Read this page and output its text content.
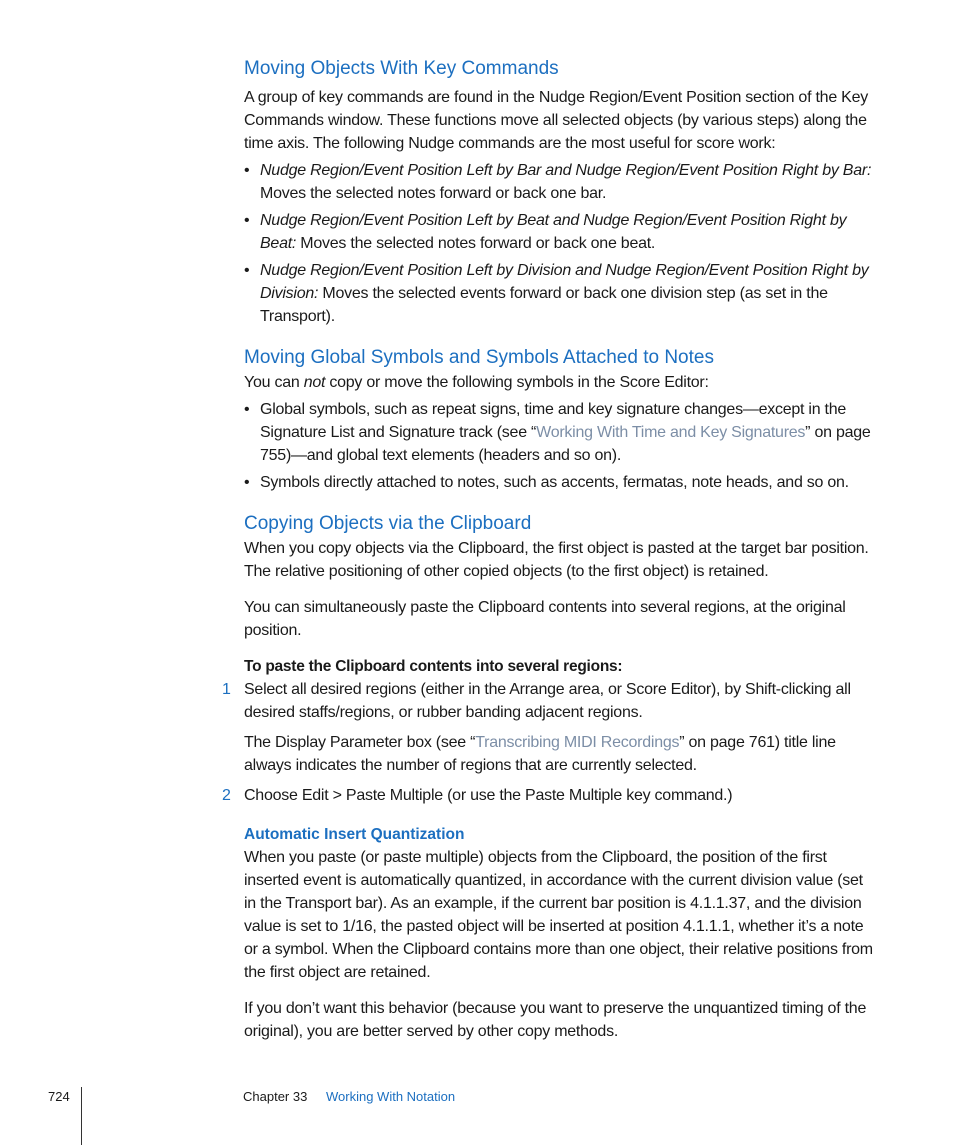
Moving Objects With Key Commands

A group of key commands are found in the Nudge Region/Event Position section of the Key Commands window. These functions move all selected objects (by various steps) along the time axis. The following Nudge commands are the most useful for score work:

• Nudge Region/Event Position Left by Bar and Nudge Region/Event Position Right by Bar: Moves the selected notes forward or back one bar.
• Nudge Region/Event Position Left by Beat and Nudge Region/Event Position Right by Beat: Moves the selected notes forward or back one beat.
• Nudge Region/Event Position Left by Division and Nudge Region/Event Position Right by Division: Moves the selected events forward or back one division step (as set in the Transport).
Moving Global Symbols and Symbols Attached to Notes

You can not copy or move the following symbols in the Score Editor:

• Global symbols, such as repeat signs, time and key signature changes—except in the Signature List and Signature track (see “Working With Time and Key Signatures” on page 755)—and global text elements (headers and so on).
• Symbols directly attached to notes, such as accents, fermatas, note heads, and so on.
Copying Objects via the Clipboard

When you copy objects via the Clipboard, the first object is pasted at the target bar position. The relative positioning of other copied objects (to the first object) is retained.

You can simultaneously paste the Clipboard contents into several regions, at the original position.

To paste the Clipboard contents into several regions:

1 Select all desired regions (either in the Arrange area, or Score Editor), by Shift-clicking all desired staffs/regions, or rubber banding adjacent regions.

The Display Parameter box (see “Transcribing MIDI Recordings” on page 761) title line always indicates the number of regions that are currently selected.

2 Choose Edit > Paste Multiple (or use the Paste Multiple key command.)

Automatic Insert Quantization

When you paste (or paste multiple) objects from the Clipboard, the position of the first inserted event is automatically quantized, in accordance with the current division value (set in the Transport bar). As an example, if the current bar position is 4.1.1.37, and the division value is set to 1/16, the pasted object will be inserted at position 4.1.1.1, whether it’s a note or a symbol. When the Clipboard contains more than one object, their relative positions from the first object are retained.

If you don’t want this behavior (because you want to preserve the unquantized timing of the original), you are better served by other copy methods.

724	Chapter 33 Working With Notation
